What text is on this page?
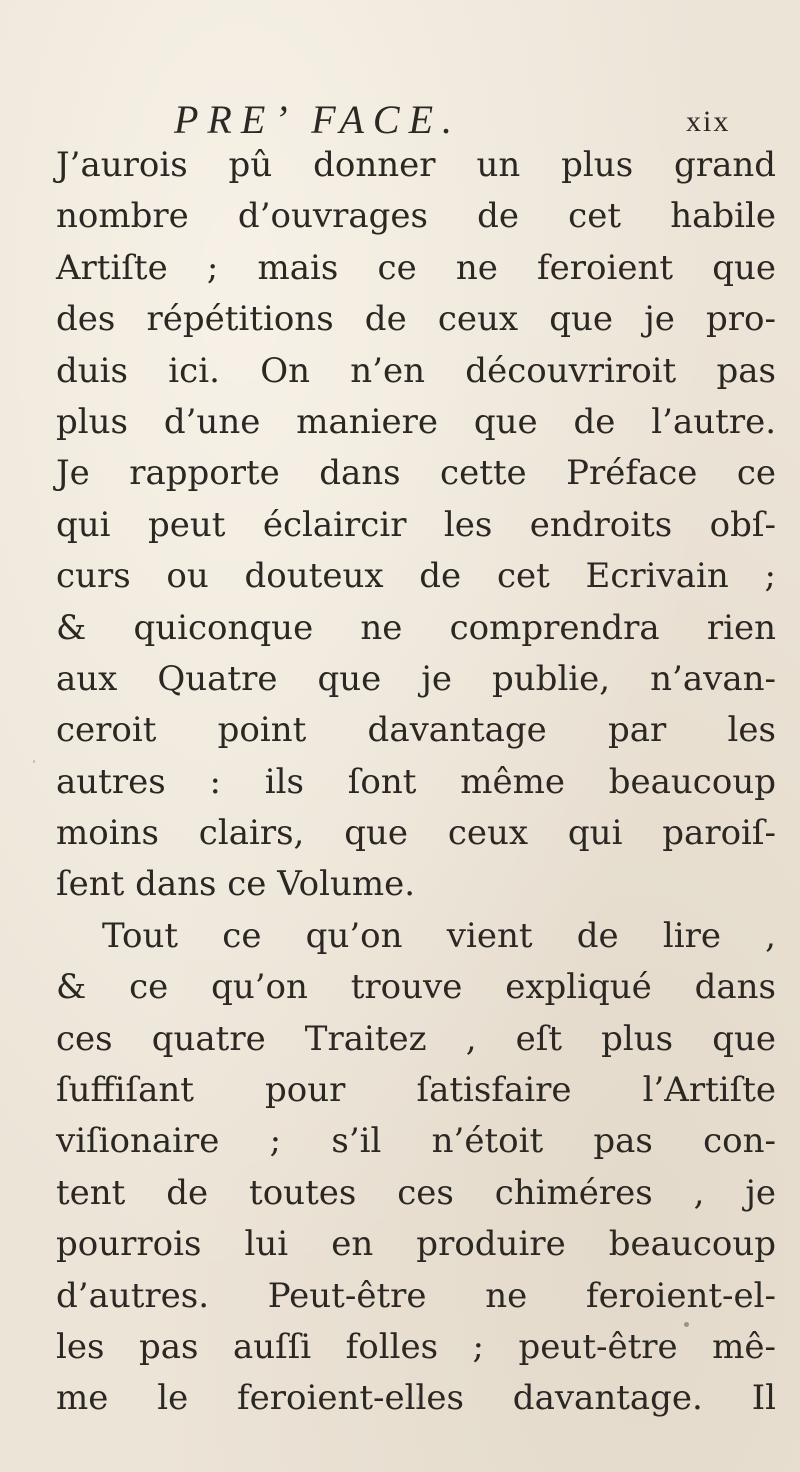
PRE’ FACE.	xix
J’aurois pû donner un plus grand
nombre d’ouvrages de cet habile
Artiſte ; mais ce ne feroient que
des répétitions de ceux que je pro-
duis ici. On n’en découvriroit pas
plus d’une maniere que de l’autre.
Je rapporte dans cette Préface ce
qui peut éclaircir les endroits obſ-
curs ou douteux de cet Ecrivain ;
& quiconque ne comprendra rien
aux Quatre que je publie, n’avan-
ceroit point davantage par les
autres : ils ſont même beaucoup
moins clairs, que ceux qui paroiſ-
ſent dans ce Volume.
Tout ce qu’on vient de lire ,
& ce qu’on trouve expliqué dans
ces quatre Traitez , eſt plus que
ſuffiſant pour ſatisfaire l’Artiſte
viſionaire ; s’il n’étoit pas con-
tent de toutes ces chiméres , je
pourrois lui en produire beaucoup
d’autres. Peut-être ne feroient-el-
les pas auſſi folles ; peut-être mê-
me le feroient-elles davantage. Il
